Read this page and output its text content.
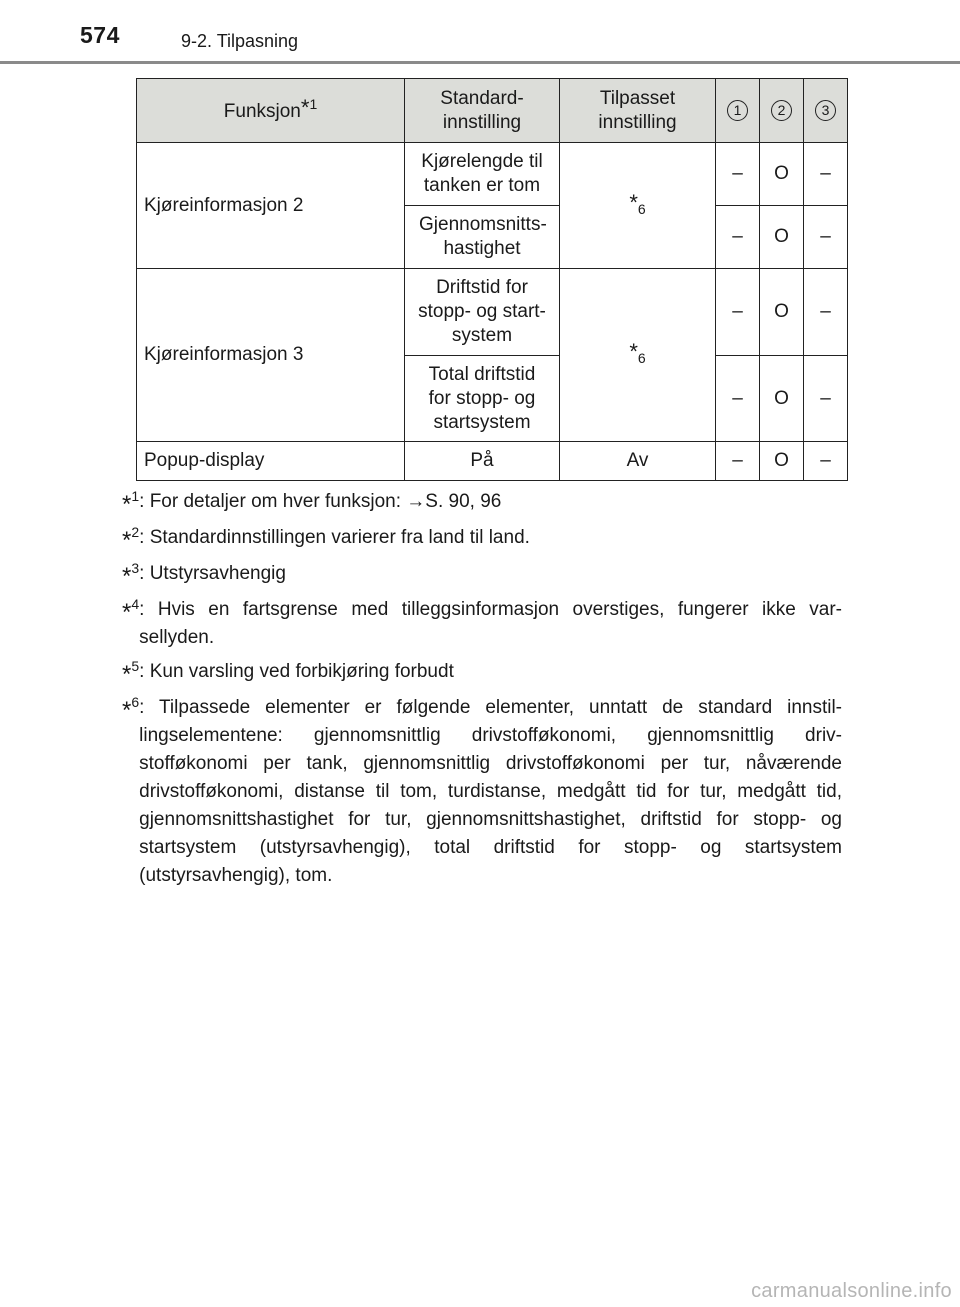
574	9-2. Tilpasning
Funksjon*$^1$	Standard-innstilling	Tilpasset innstilling	1	2	3
Kjøreinformasjon 2	Kjørelengde til tanken er tom	*6	–	O	–
	Gjennomsnitts-hastighet		–	O	–
Kjøreinformasjon 3	Driftstid for stopp- og start-system	*6	–	O	–
	Total driftstid for stopp- og startsystem		–	O	–
Popup-display	På	Av	–	O	–
*$^1$ : For detaljer om hver funksjon: →S. 90, 96
*$^2$ : Standardinnstillingen varierer fra land til land.
*$^3$ : Utstyrsavhengig
*$^4$ : Hvis en fartsgrense med tilleggsinformasjon overstiges, fungerer ikke var-sellyden.
*$^5$ : Kun varsling ved forbikjøring forbudt
*$^6$ : Tilpassede elementer er følgende elementer, unntatt de standard innstil-lingselementene: gjennomsnittlig drivstofføkonomi, gjennomsnittlig driv-stofføkonomi per tank, gjennomsnittlig drivstofføkonomi per tur, nåværende drivstofføkonomi, distanse til tom, turdistanse, medgått tid for tur, medgått tid, gjennomsnittshastighet for tur, gjennomsnittshastighet, driftstid for stopp- og startsystem (utstyrsavhengig), total driftstid for stopp- og startsystem (utstyrsavhengig), tom.
carmanualsonline.info
